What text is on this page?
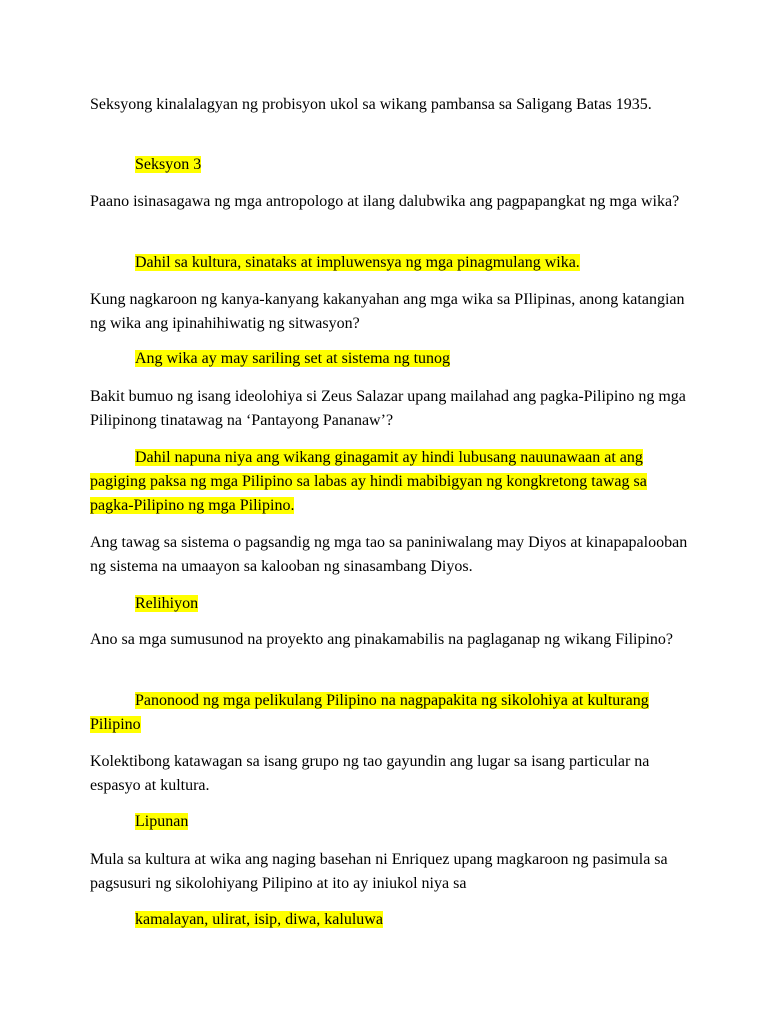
Seksyong kinalalagyan ng probisyon ukol sa wikang pambansa sa Saligang Batas 1935.
Seksyon 3
Paano isinasagawa ng mga antropologo at ilang dalubwika ang pagpapangkat ng mga wika?
Dahil sa kultura, sinataks at impluwensya ng mga pinagmulang wika.
Kung nagkaroon ng kanya-kanyang kakanyahan ang mga wika sa PIlipinas, anong katangian ng wika ang ipinahihiwatig ng sitwasyon?
Ang wika ay may sariling set at sistema ng tunog
Bakit bumuo ng isang ideolohiya si Zeus Salazar upang mailahad ang pagka-Pilipino ng mga Pilipinong tinatawag na ‘Pantayong Pananaw’?
Dahil napuna niya ang wikang ginagamit ay hindi lubusang nauunawaan at ang pagiging paksa ng mga Pilipino sa labas ay hindi mabibigyan ng kongkretong tawag sa pagka-Pilipino ng mga Pilipino.
Ang tawag sa sistema o pagsandig ng mga tao sa paniniwalang may Diyos at kinapapalooban ng sistema na umaayon sa kalooban ng sinasambang Diyos.
Relihiyon
Ano sa mga sumusunod na proyekto ang pinakamabilis na paglaganap ng wikang Filipino?
Panonood ng mga pelikulang Pilipino na nagpapakita ng sikolohiya at kulturang Pilipino
Kolektibong katawagan sa isang grupo ng tao gayundin ang lugar sa isang particular na espasyo at kultura.
Lipunan
Mula sa kultura at wika ang naging basehan ni Enriquez upang magkaroon ng pasimula sa pagsusuri ng sikolohiyang Pilipino at ito ay iniukol niya sa
kamalayan, ulirat, isip, diwa, kaluluwa
